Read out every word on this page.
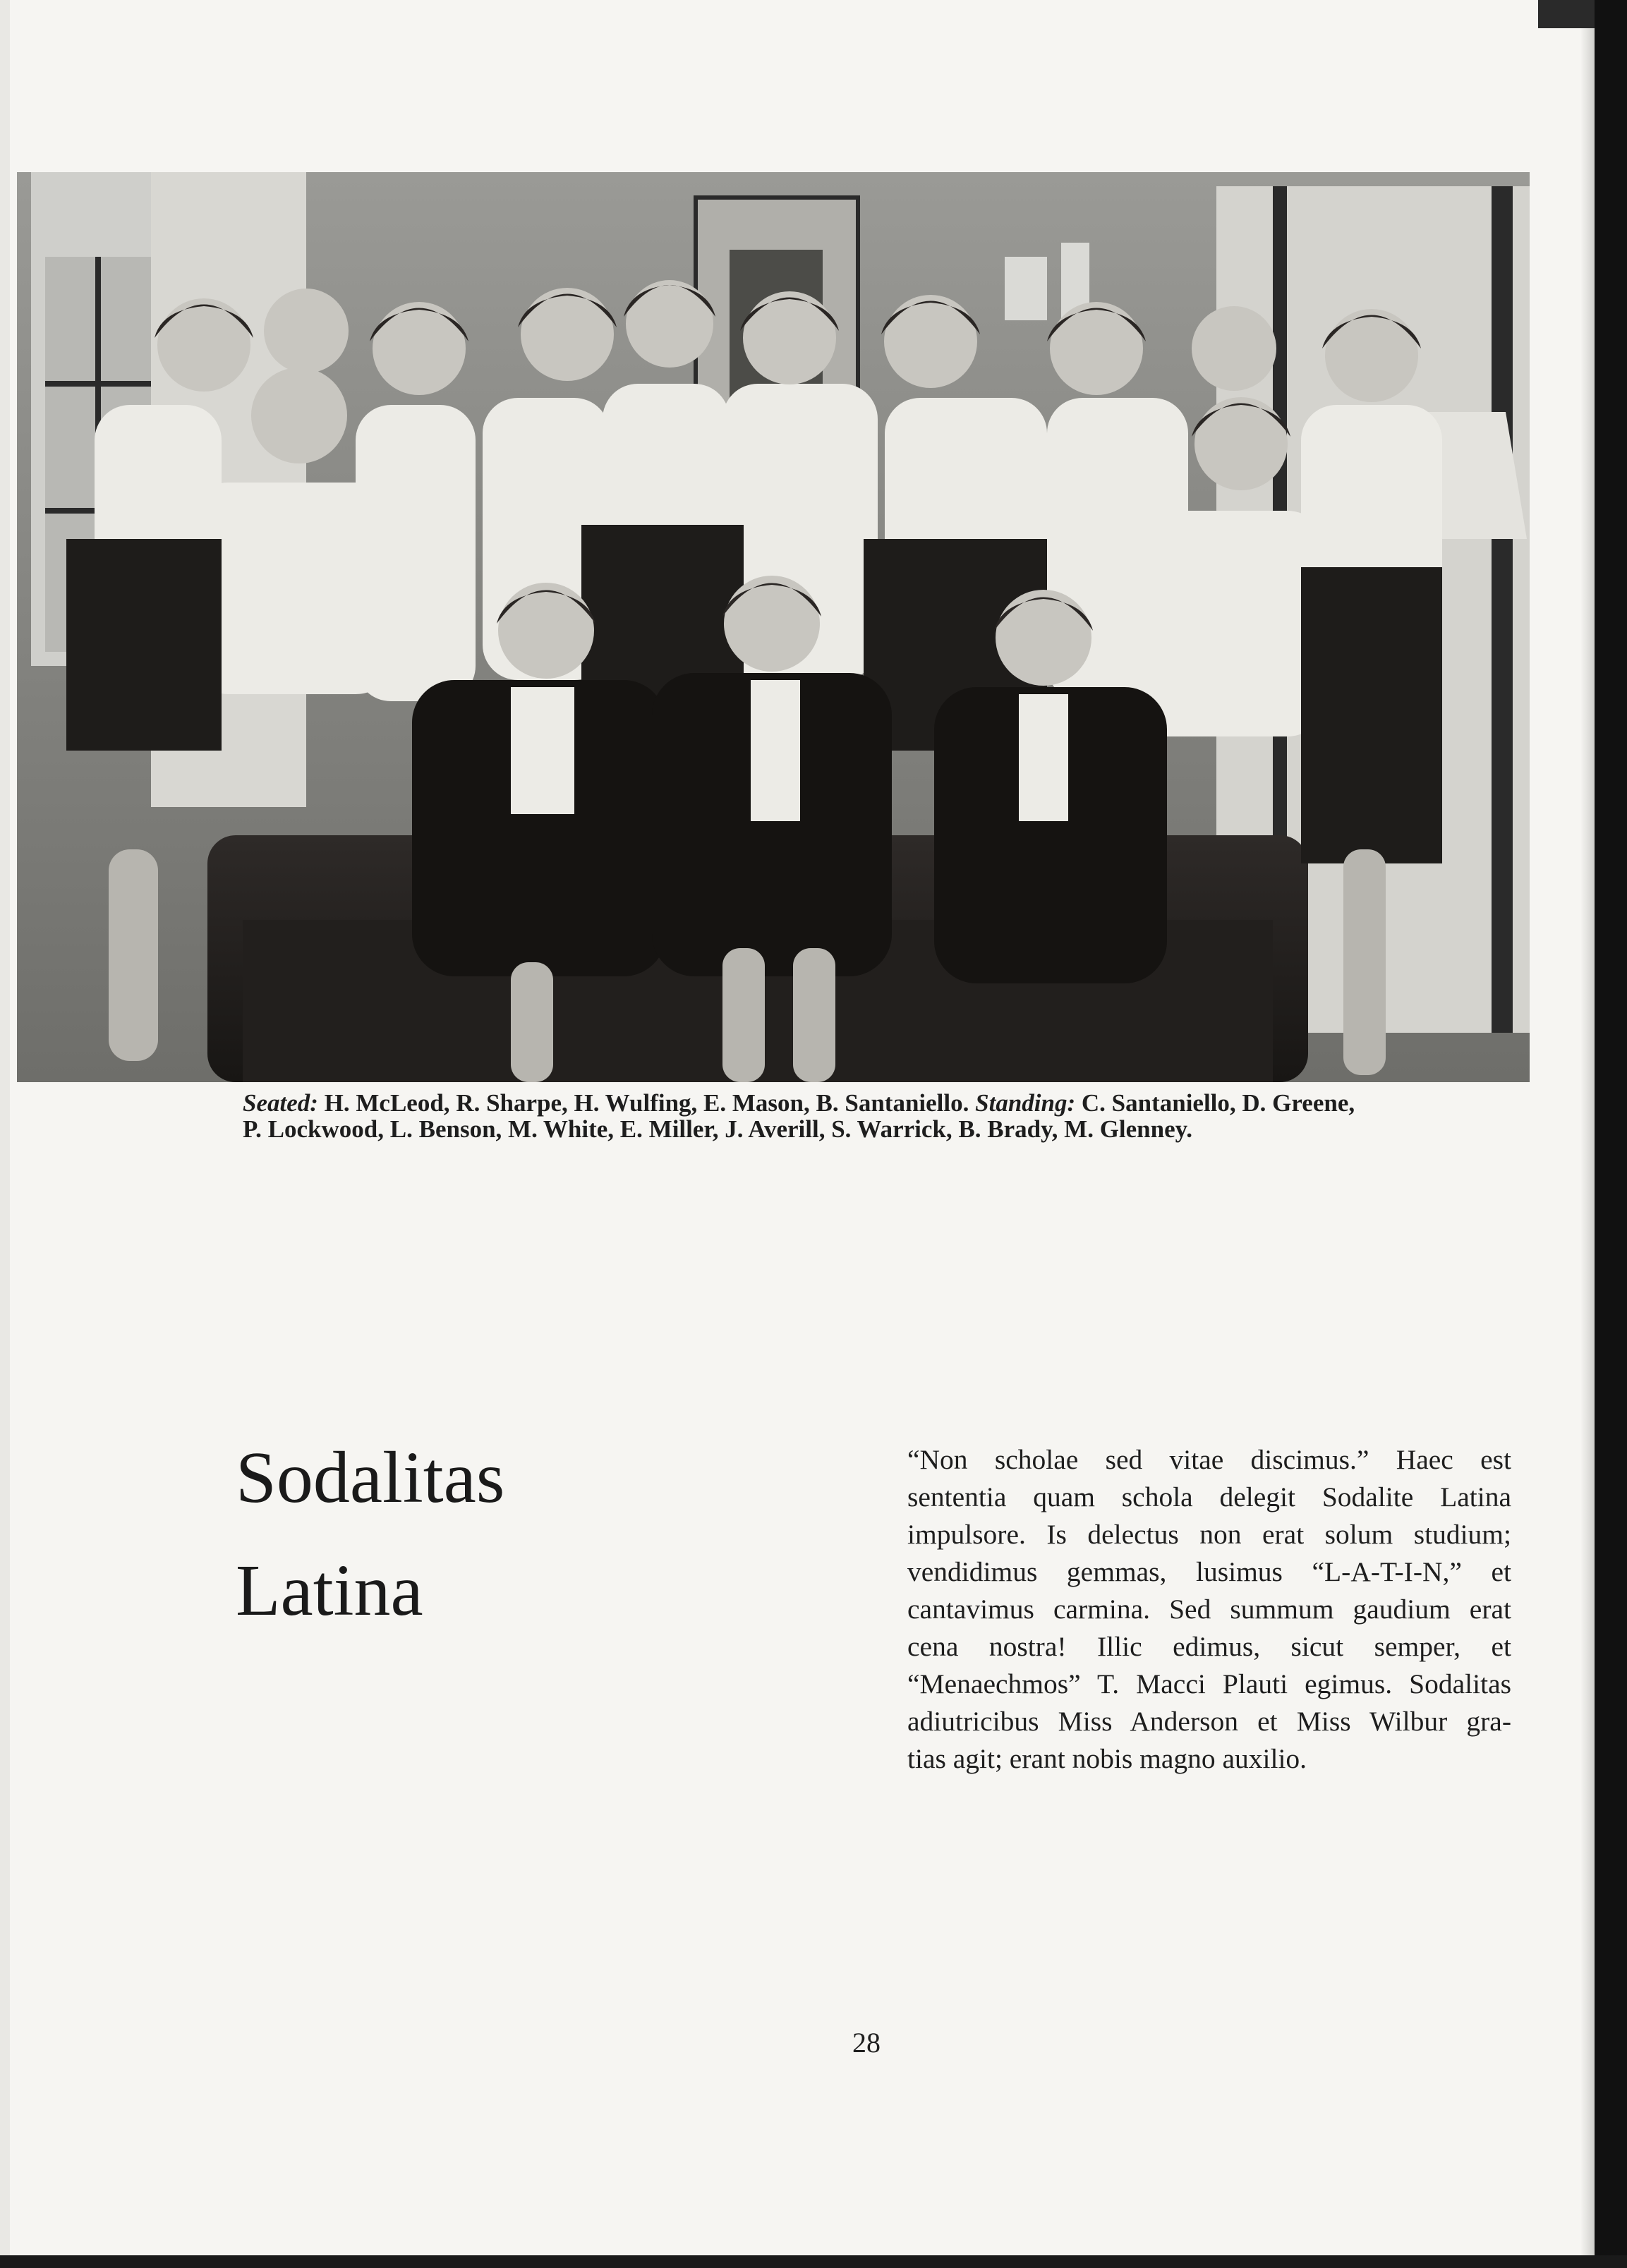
Seated: H. McLeod, R. Sharpe, H. Wulfing, E. Mason, B. Santaniello. Standing: C. Santaniello, D. Greene,
P. Lockwood, L. Benson, M. White, E. Miller, J. Averill, S. Warrick, B. Brady, M. Glenney.
Sodalitas
Latina

“Non scholae sed vitae discimus.” Haec est
sententia quam schola delegit Sodalite Latina
impulsore. Is delectus non erat solum studium;
vendidimus gemmas, lusimus “L-A-T-I-N,” et
cantavimus carmina. Sed summum gaudium erat
cena nostra! Illic edimus, sicut semper, et
“Menaechmos” T. Macci Plauti egimus. Sodalitas
adiutricibus Miss Anderson et Miss Wilbur gra-
tias agit; erant nobis magno auxilio.

28
